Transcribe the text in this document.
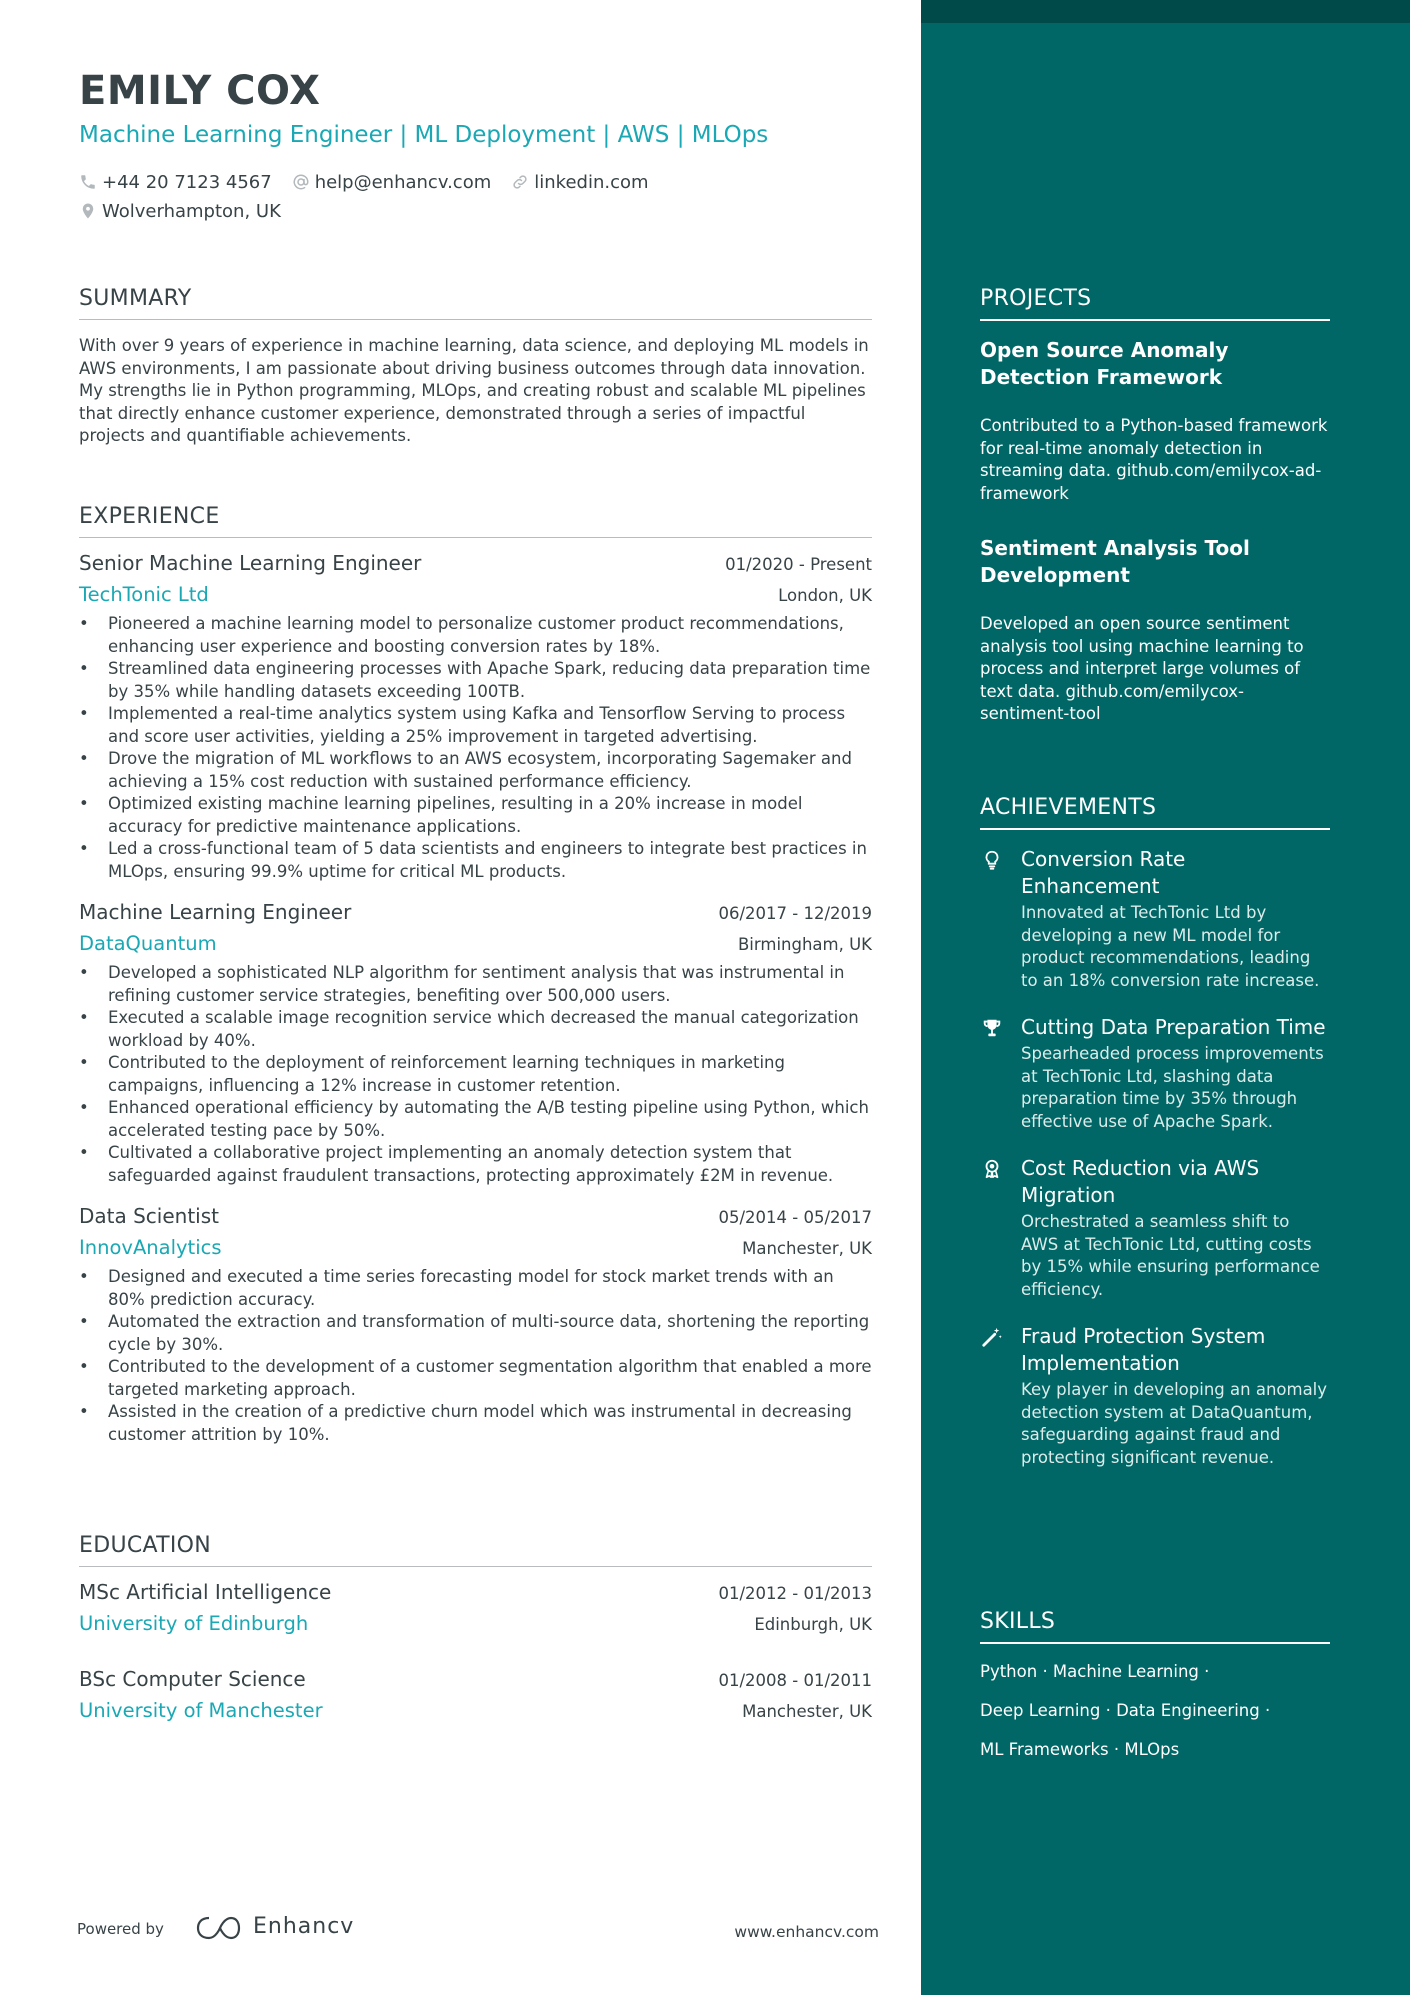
EMILY COX
Machine Learning Engineer | ML Deployment | AWS | MLOps
+44 20 7123 4567 help@enhancv.com linkedin.com
Wolverhampton, UK
SUMMARY
With over 9 years of experience in machine learning, data science, and deploying ML models in AWS environments, I am passionate about driving business outcomes through data innovation. My strengths lie in Python programming, MLOps, and creating robust and scalable ML pipelines that directly enhance customer experience, demonstrated through a series of impactful projects and quantifiable achievements.
EXPERIENCE
Senior Machine Learning Engineer	01/2020 - Present
TechTonic Ltd	London, UK
• Pioneered a machine learning model to personalize customer product recommendations, enhancing user experience and boosting conversion rates by 18%.
• Streamlined data engineering processes with Apache Spark, reducing data preparation time by 35% while handling datasets exceeding 100TB.
• Implemented a real-time analytics system using Kafka and Tensorflow Serving to process and score user activities, yielding a 25% improvement in targeted advertising.
• Drove the migration of ML workflows to an AWS ecosystem, incorporating Sagemaker and achieving a 15% cost reduction with sustained performance efficiency.
• Optimized existing machine learning pipelines, resulting in a 20% increase in model accuracy for predictive maintenance applications.
• Led a cross-functional team of 5 data scientists and engineers to integrate best practices in MLOps, ensuring 99.9% uptime for critical ML products.
Machine Learning Engineer	06/2017 - 12/2019
DataQuantum	Birmingham, UK
• Developed a sophisticated NLP algorithm for sentiment analysis that was instrumental in refining customer service strategies, benefiting over 500,000 users.
• Executed a scalable image recognition service which decreased the manual categorization workload by 40%.
• Contributed to the deployment of reinforcement learning techniques in marketing campaigns, influencing a 12% increase in customer retention.
• Enhanced operational efficiency by automating the A/B testing pipeline using Python, which accelerated testing pace by 50%.
• Cultivated a collaborative project implementing an anomaly detection system that safeguarded against fraudulent transactions, protecting approximately £2M in revenue.
Data Scientist	05/2014 - 05/2017
InnovAnalytics	Manchester, UK
• Designed and executed a time series forecasting model for stock market trends with an 80% prediction accuracy.
• Automated the extraction and transformation of multi-source data, shortening the reporting cycle by 30%.
• Contributed to the development of a customer segmentation algorithm that enabled a more targeted marketing approach.
• Assisted in the creation of a predictive churn model which was instrumental in decreasing customer attrition by 10%.
EDUCATION
MSc Artificial Intelligence	01/2012 - 01/2013
University of Edinburgh	Edinburgh, UK
BSc Computer Science	01/2008 - 01/2011
University of Manchester	Manchester, UK
Powered by	Enhancv	www.enhancv.com
PROJECTS
Open Source Anomaly Detection Framework
Contributed to a Python-based framework for real-time anomaly detection in streaming data. github.com/emilycox-ad-framework
Sentiment Analysis Tool Development
Developed an open source sentiment analysis tool using machine learning to process and interpret large volumes of text data. github.com/emilycox-sentiment-tool
ACHIEVEMENTS
Conversion Rate Enhancement
Innovated at TechTonic Ltd by developing a new ML model for product recommendations, leading to an 18% conversion rate increase.
Cutting Data Preparation Time
Spearheaded process improvements at TechTonic Ltd, slashing data preparation time by 35% through effective use of Apache Spark.
Cost Reduction via AWS Migration
Orchestrated a seamless shift to AWS at TechTonic Ltd, cutting costs by 15% while ensuring performance efficiency.
Fraud Protection System Implementation
Key player in developing an anomaly detection system at DataQuantum, safeguarding against fraud and protecting significant revenue.
SKILLS
Python · Machine Learning ·
Deep Learning · Data Engineering ·
ML Frameworks · MLOps
